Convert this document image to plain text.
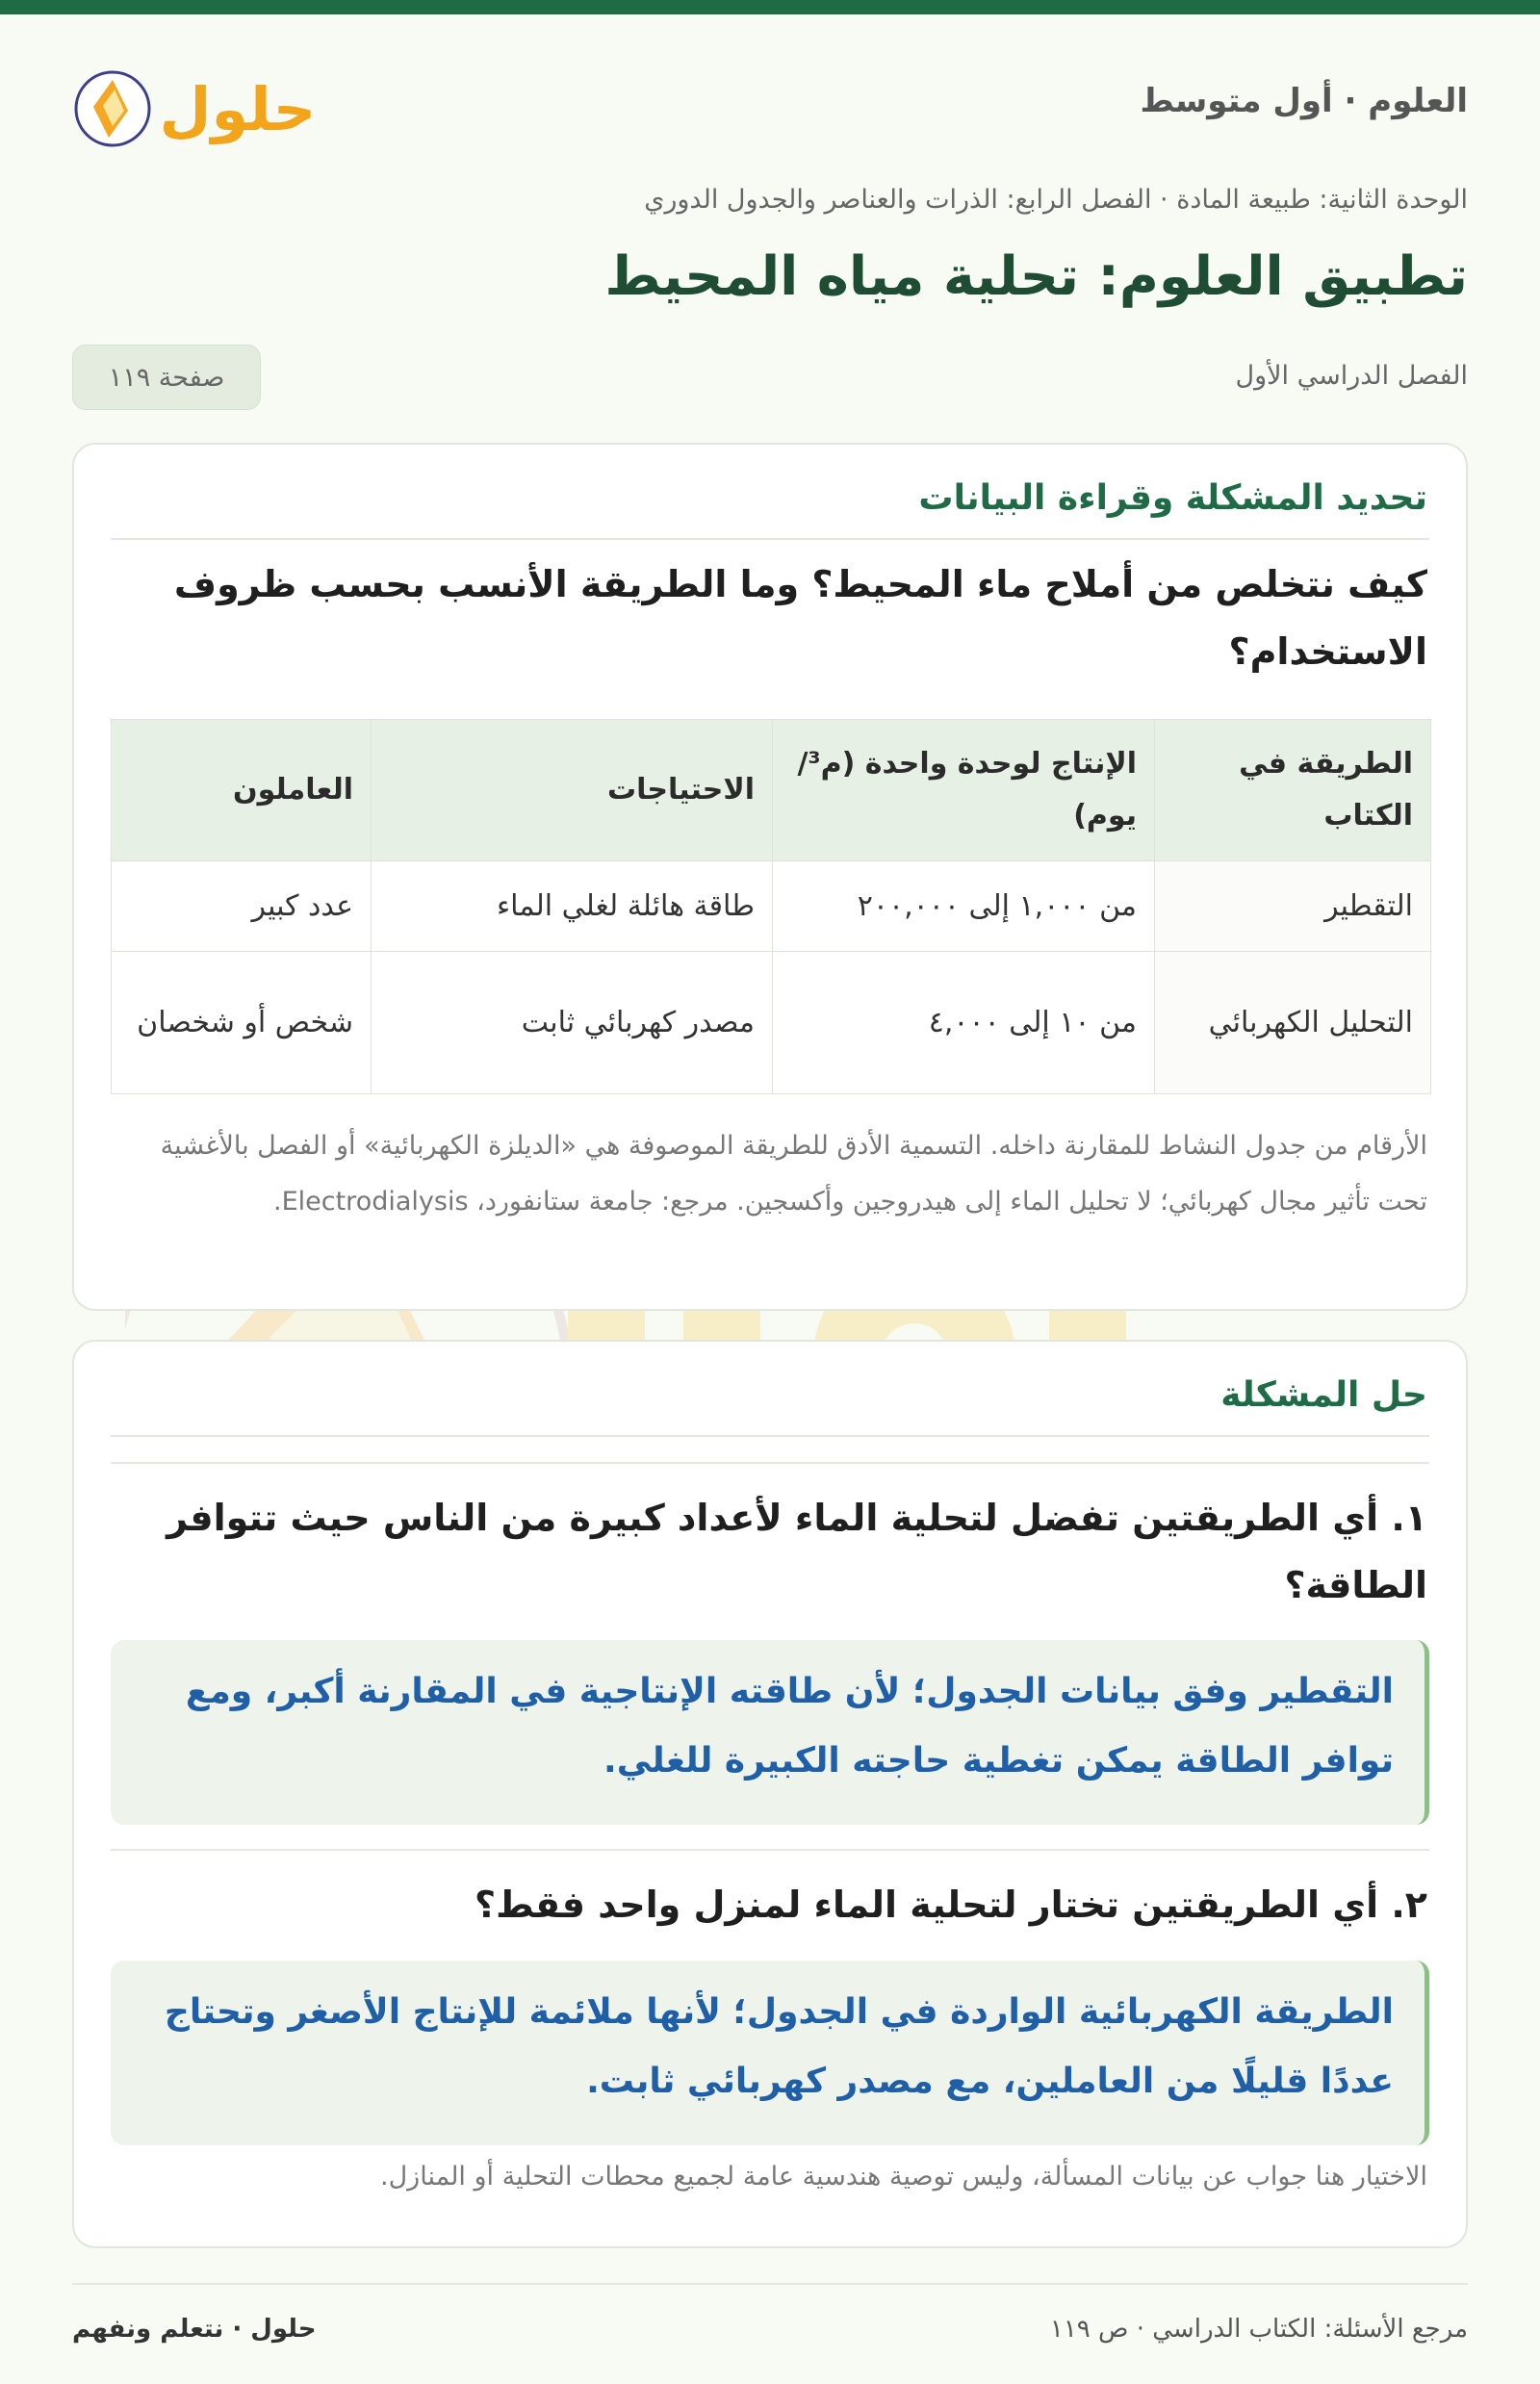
العلوم · أول متوسط
حلول
الوحدة الثانية: طبيعة المادة · الفصل الرابع: الذرات والعناصر والجدول الدوري
تطبيق العلوم: تحلية مياه المحيط
الفصل الدراسي الأول
صفحة ١١٩
تحديد المشكلة وقراءة البيانات
كيف نتخلص من أملاح ماء المحيط؟ وما الطريقة الأنسب بحسب ظروف الاستخدام؟
الطريقة في الكتاب	الإنتاج لوحدة واحدة (م³/يوم)	الاحتياجات	العاملون
التقطير	من ١,٠٠٠ إلى ٢٠٠,٠٠٠	طاقة هائلة لغلي الماء	عدد كبير
التحليل الكهربائي	من ١٠ إلى ٤,٠٠٠	مصدر كهربائي ثابت	شخص أو شخصان
الأرقام من جدول النشاط للمقارنة داخله. التسمية الأدق للطريقة الموصوفة هي «الديلزة الكهربائية» أو الفصل بالأغشية تحت تأثير مجال كهربائي؛ لا تحليل الماء إلى هيدروجين وأكسجين. مرجع: جامعة ستانفورد، Electrodialysis.
حل المشكلة
١. أي الطريقتين تفضل لتحلية الماء لأعداد كبيرة من الناس حيث تتوافر الطاقة؟
التقطير وفق بيانات الجدول؛ لأن طاقته الإنتاجية في المقارنة أكبر، ومع توافر الطاقة يمكن تغطية حاجته الكبيرة للغلي.
٢. أي الطريقتين تختار لتحلية الماء لمنزل واحد فقط؟
الطريقة الكهربائية الواردة في الجدول؛ لأنها ملائمة للإنتاج الأصغر وتحتاج عددًا قليلًا من العاملين، مع مصدر كهربائي ثابت.
الاختيار هنا جواب عن بيانات المسألة، وليس توصية هندسية عامة لجميع محطات التحلية أو المنازل.
مرجع الأسئلة: الكتاب الدراسي · ص ١١٩
حلول · نتعلم ونفهم
